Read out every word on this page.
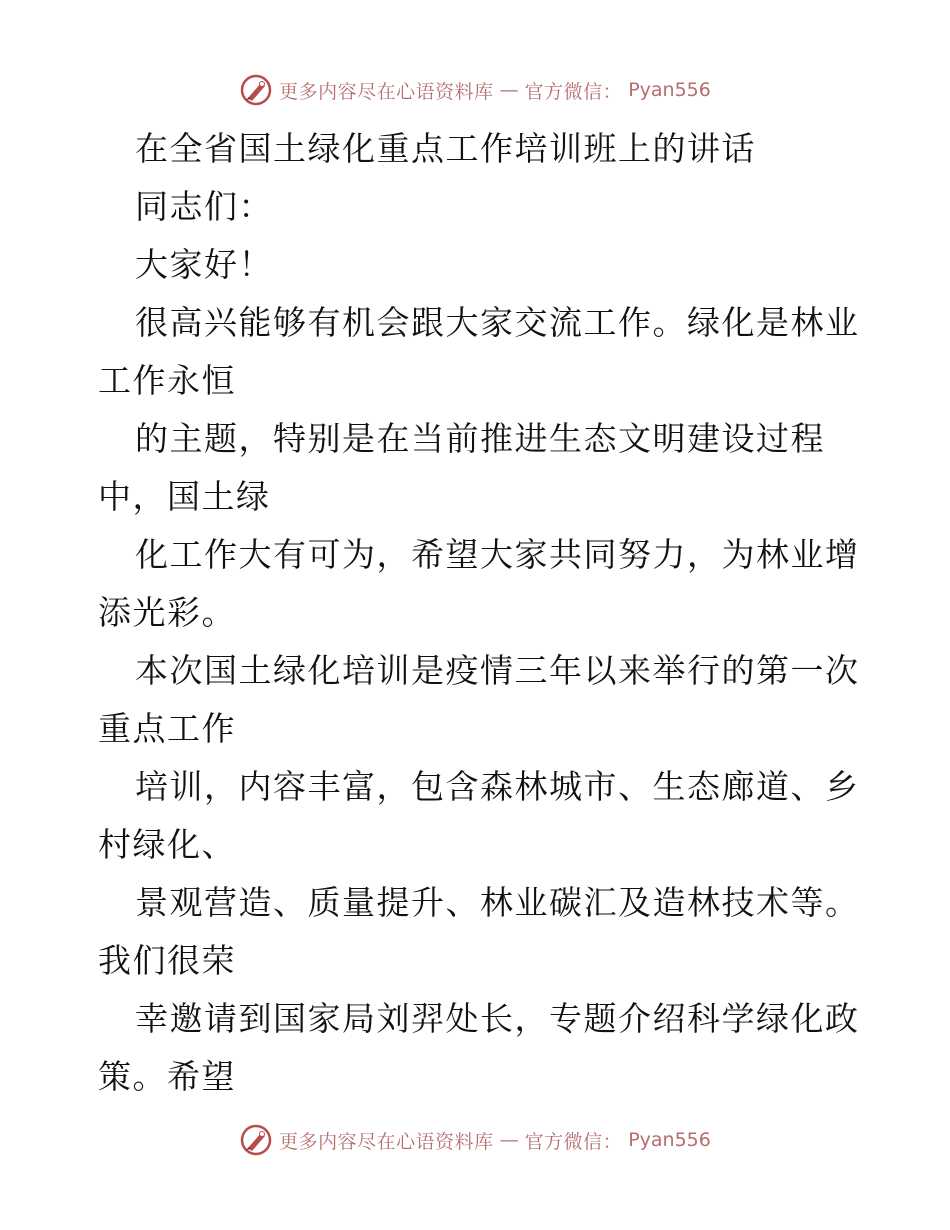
更多内容尽在心语资料库 — 官方微信： Pyan556
在全省国土绿化重点工作培训班上的讲话
同志们：
大家好！
很高兴能够有机会跟大家交流工作。绿化是林业
工作永恒
的主题，特别是在当前推进生态文明建设过程
中，国土绿
化工作大有可为，希望大家共同努力，为林业增
添光彩。
本次国土绿化培训是疫情三年以来举行的第一次
重点工作
培训，内容丰富，包含森林城市、生态廊道、乡
村绿化、
景观营造、质量提升、林业碳汇及造林技术等。
我们很荣
幸邀请到国家局刘羿处长，专题介绍科学绿化政
策。希望
更多内容尽在心语资料库 — 官方微信： Pyan556
